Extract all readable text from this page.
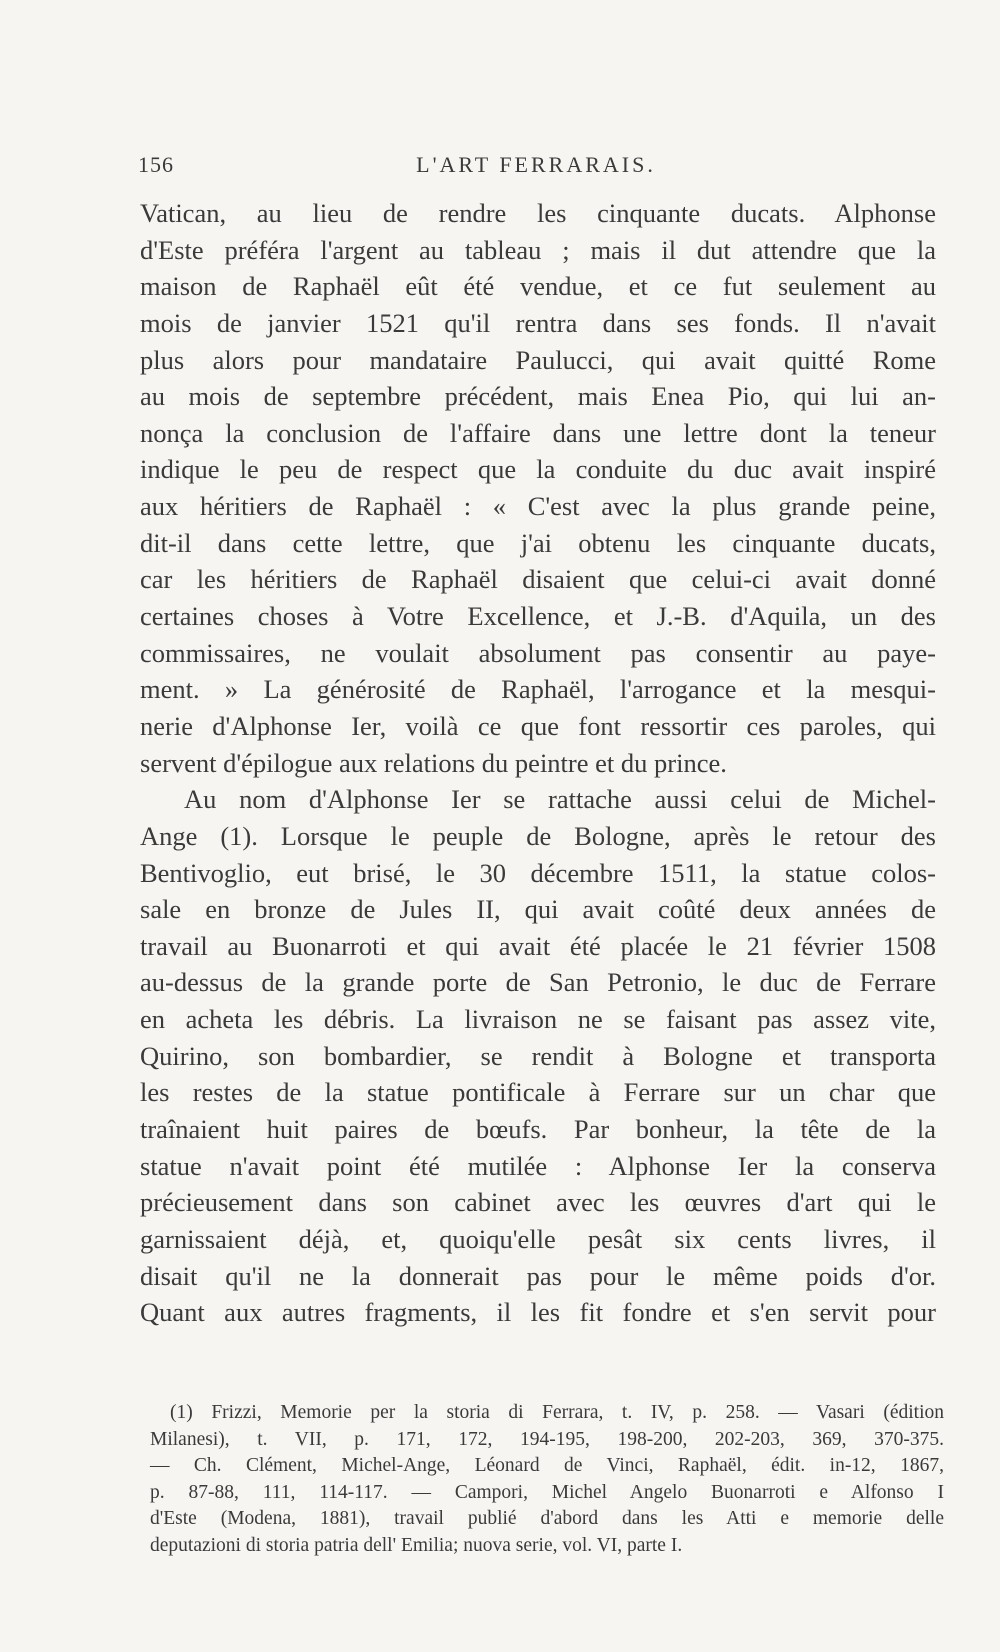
156	L'ART FERRARAIS.
Vatican, au lieu de rendre les cinquante ducats. Alphonse
d'Este préféra l'argent au tableau ; mais il dut attendre que la
maison de Raphaël eût été vendue, et ce fut seulement au
mois de janvier 1521 qu'il rentra dans ses fonds. Il n'avait
plus alors pour mandataire Paulucci, qui avait quitté Rome
au mois de septembre précédent, mais Enea Pio, qui lui an-
nonça la conclusion de l'affaire dans une lettre dont la teneur
indique le peu de respect que la conduite du duc avait inspiré
aux héritiers de Raphaël : « C'est avec la plus grande peine,
dit-il dans cette lettre, que j'ai obtenu les cinquante ducats,
car les héritiers de Raphaël disaient que celui-ci avait donné
certaines choses à Votre Excellence, et J.-B. d'Aquila, un des
commissaires, ne voulait absolument pas consentir au paye-
ment. » La générosité de Raphaël, l'arrogance et la mesqui-
nerie d'Alphonse Ier, voilà ce que font ressortir ces paroles, qui
servent d'épilogue aux relations du peintre et du prince.
Au nom d'Alphonse Ier se rattache aussi celui de Michel-
Ange (1). Lorsque le peuple de Bologne, après le retour des
Bentivoglio, eut brisé, le 30 décembre 1511, la statue colos-
sale en bronze de Jules II, qui avait coûté deux années de
travail au Buonarroti et qui avait été placée le 21 février 1508
au-dessus de la grande porte de San Petronio, le duc de Ferrare
en acheta les débris. La livraison ne se faisant pas assez vite,
Quirino, son bombardier, se rendit à Bologne et transporta
les restes de la statue pontificale à Ferrare sur un char que
traînaient huit paires de bœufs. Par bonheur, la tête de la
statue n'avait point été mutilée : Alphonse Ier la conserva
précieusement dans son cabinet avec les œuvres d'art qui le
garnissaient déjà, et, quoiqu'elle pesât six cents livres, il
disait qu'il ne la donnerait pas pour le même poids d'or.
Quant aux autres fragments, il les fit fondre et s'en servit pour
(1) Frizzi, Memorie per la storia di Ferrara, t. IV, p. 258. — Vasari (édition
Milanesi), t. VII, p. 171, 172, 194-195, 198-200, 202-203, 369, 370-375.
— Ch. Clément, Michel-Ange, Léonard de Vinci, Raphaël, édit. in-12, 1867,
p. 87-88, 111, 114-117. — Campori, Michel Angelo Buonarroti e Alfonso I
d'Este (Modena, 1881), travail publié d'abord dans les Atti e memorie delle
deputazioni di storia patria dell' Emilia; nuova serie, vol. VI, parte I.
